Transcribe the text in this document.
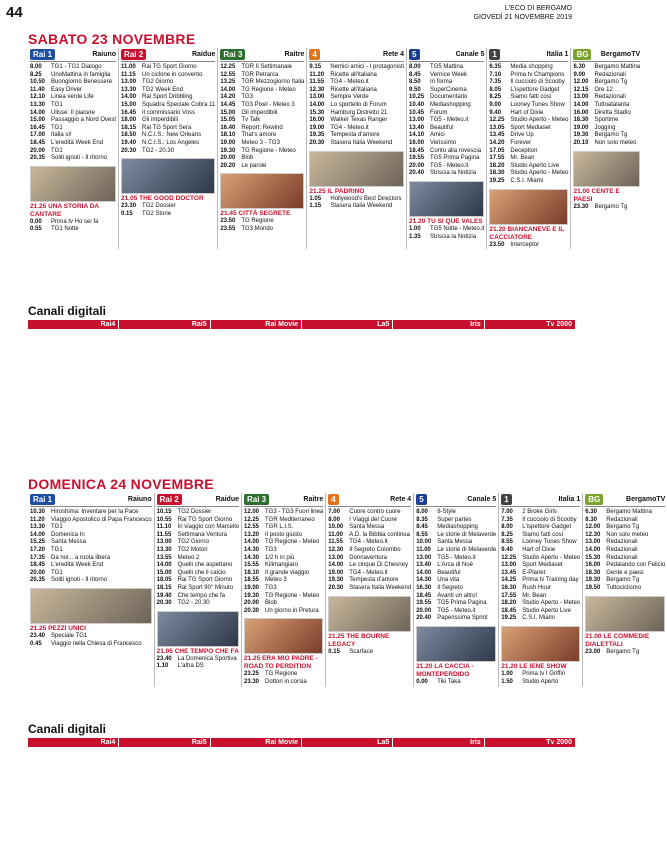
44	L'ECO DI BERGAMO
GIOVEDÌ 21 NOVEMBRE 2019
SABATO 23 NOVEMBRE
Rai 1	Raiuno
8.00	TG1 - TG1 Dialogo
8.25	UnoMattina in famiglia
10.50 Buongiorno Benessere
11.40	Easy Driver
12.10 Linea verde Life
13.30 TG1
14.00 Ulisse: Il piacere
15.00 Passaggio a Nord Ovest
16.45 TG1
17.00 Italia sì!
18.45 L'eredità Week End
20.00 TG1
20.35 Soliti ignoti - Il ritorno
21.25 UNA STORIA DA CANTARE
0.00	Prima tv Ho sei fa
0.55	TG1 Notte
Rai 2	Raidue
11.00	Rai TG Sport Giorno
11.15	Un ciclone in convento
13.00 TG2 Giorno
13.30 TG2 Week End
14.00 Rai Sport Dribbling
15.00 Squadra Speciale Cobra 11
16.45 Il commissario Voss
18.00 Gli imperdibili
18.15 Rai TG Sport Sera
18.50 N.C.I.S.: New Orleans
19.40 N.C.I.S.: Los Angeles
20.30 TG2 - 20.30
21.05 THE GOOD DOCTOR
23.30 TG2 Dossier
0.15	TG2 Storie
Rai 3	Raitre
12.25 TGR Il Settimanale
12.55 TGR Petrarca
13.25 TGR Mezzogiorno Italia
14.00 TG Regione - Meteo
14.20 TG3
14.45 TG3 Pixel - Meteo 3
15.00 Gli imperdibili
15.05 Tv Talk
16.40 Report: Rewind
18.10 That's amore
19.00 Meteo 3 - TG3
19.30 TG Regione - Meteo
20.00 Blob
20.20 Le parole
21.45 CITTÀ SEGRETE
23.50 TG Regione
23.55 TG3 Mondo
4	Rete 4
9.15	Nemici amici - I protagonisti
11.20	Ricette all'italiana
11.55	TG4 - Meteo.it
12.30 Ricette all'italiana
13.00 Sempre Verde
14.00 Lo sportello di Forum
15.30 Hamburg Distretto 21
16.00 Walker Texas Ranger
19.00 TG4 - Meteo.it
19.35 Tempesta d'amore
20.30 Stasera Italia Weekend
21.25 IL PADRINO
1.05	Hollywood's Best Directors
1.15	Stasera Italia Weekend
5	Canale 5
8.00	TG5 Mattina
8.45	Vernice Week
8.50	In forma
9.50	SuperCinema
10.25 Documentario
10.40 Mediashopping
10.45 Forum
13.00 TG5 - Meteo.it
13.40 Beautiful
14.10 Amici
16.00 Verissimo
18.45 Conto alla rovescia
19.55 TG5 Prima Pagina
20.00 TG5 - Meteo.it
20.40 Striscia la Notizia
21.20 TU SI QUE VALES
1.00	TG5 Notte - Meteo.it
1.35	Striscia la Notizia
1	Italia 1
6.35	Media shopping
7.10	Prima tv Champions
7.35	Il cucciolo di Scooby
8.05	L'ispettore Gadget
8.25	Siamo fatti così
9.00	Looney Tunes Show
9.40	Hart of Dixie
12.25 Studio Aperto - Meteo
13.05 Sport Mediaset
13.45 Drive Up
14.20 Forever
17.05 Deception
17.55 Mr. Bean
18.20 Studio Aperto Live
18.30 Studio Aperto - Meteo
19.25 C.S.I. Miami
21.20 BIANCANEVE E IL CACCIATORE
23.50 Interceptor
BG	BergamoTV
6.30	Bergamo Mattina
9.00	Redazionali
12.00 Bergamo Tg
12.15 Ore 12
13.00 Redazionali
14.00 Tuttoatalanta
16.00 Diretta Stadio
18.30 Sportime
19.00 Jogging
19.30 Bergamo Tg
20.10 Non solo meteo
21.00 CENTE E PAESI
23.30 Bergamo Tg
Canali digitali
Rai4	Rai5	Rai Movie	La5	Iris	Tv 2000
DOMENICA 24 NOVEMBRE
Rai 1	Raiuno
10.30 Hiroshima: Inventare per la Pace
11.20	Viaggio Apostolico di Papa Francesco
13.30 TG1
14.00 Domenica In
15.25 Santa Messa
17.20 TG1
17.35 Da noi... a ruota libera
18.45 L'eredità Week End
20.00 TG1
20.35 Soliti ignoti - Il ritorno
21.25 PEZZI UNICI
23.40 Speciale TG1
0.45	Viaggio nella Chiesa di Francesco
Rai 2	Raidue
10.15 TG2 Dossier
10.55 Rai TG Sport Giorno
11.10	In viaggio con Marcello
11.55	Settimana Ventura
13.00 TG2 Giorno
13.30 TG2 Motori
13.55 Meteo 2
14.00 Quelli che aspettano
15.00 Quelli che il calcio
18.05 Rai TG Sport Giorno
18.15 Rai Sport 90° Minuto
19.40 Che tempo che fa
20.30 TG2 - 20.30
21.05 CHE TEMPO CHE FA
23.40 La Domenica Sportiva
1.10	L'altra DS
Rai 3	Raitre
12.00 TG3 - TG3 Fuori linea
12.25 TGR Mediterraneo
12.55 TGR L.I.S.
13.20 Il posto giusto
14.00 TG Regione - Meteo
14.30 TG3
14.30 1/2 h in più
15.55 Kilimangiaro
18.10 Il grande viaggio
18.55 Meteo 3
19.00 TG3
19.30 TG Regione - Meteo
20.00 Blob
20.30 Un giorno in Pretura
21.25 ERA MIO PADRE - ROAD TO PERDITION
23.25 TG Regione
23.30 Dottori in corsia
4	Rete 4
7.00	Cuore contro cuore
8.00	I Viaggi del Cuore
10.00 Santa Messa
11.00	A.D. la Bibbia continua
11.55	TG4 - Meteo.it
12.30 Il Segreto Colombo
13.00 Donnaventura
14.00 Le cinque Di Chesney
19.00 TG4 - Meteo.it
19.30 Tempesta d'amore
20.30 Stasera Italia Weekend
21.25 THE BOURNE LEGACY
0.15	Scarface
5	Canale 5
8.00	8-Style
8.35	Super partes
8.45	Mediashopping
8.55	Le storie di Melaverde
10.00 Santa Messa
11.00	Le storie di Melaverde
13.00 TG5 - Meteo.it
13.40 L'Arca di Noè
14.00 Beautiful
14.30 Una vita
16.30 Il Segreto
18.45 Avanti un altro!
19.55 TG5 Prima Pagina
20.00 TG5 - Meteo.it
20.40 Paperissima Sprint
21.20 LA CACCIA - MONTEPERDIDO
0.00	Tiki Taka
1	Italia 1
7.00	2 Broke Girls
7.35	Il cucciolo di Scooby
8.00	L'ispettore Gadget
8.25	Siamo fatti così
8.55	Looney Tunes Show
9.40	Hart of Dixie
12.25 Studio Aperto - Meteo
13.00 Sport Mediaset
13.45 E-Planet
14.25 Prima tv Training day
16.30 Rush Hour
17.55 Mr. Bean
18.20 Studio Aperto - Meteo
18.45 Studio Aperto Live
19.25 C.S.I. Miami
21.20 LE IENE SHOW
1.00	Prima tv I Griffin
1.50	Studio Aperto
BG	BergamoTV
6.30	Bergamo Mattina
8.30	Redazionali
12.00 Bergamo Tg
12.30 Non solo meteo
13.00 Redazionali
14.00 Redazionali
15.30 Redazionali
16.00 Pedalando con Felicio
18.30 Gente e paesi
19.30 Bergamo Tg
19.50 Tuttociclismo
21.00 LE COMMEDIE DIALETTALI
23.00 Bergamo Tg
Canali digitali
Rai4	Rai5	Rai Movie	La5	Iris	Tv 2000
